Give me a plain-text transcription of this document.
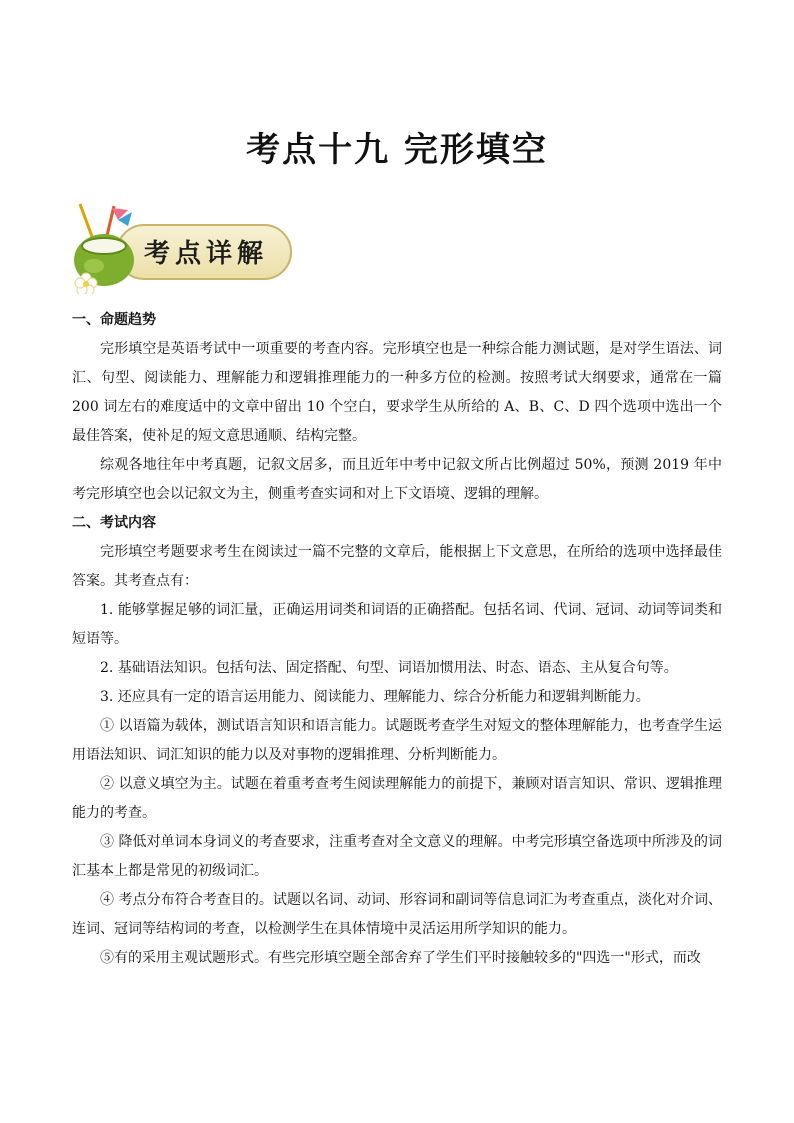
考点十九 完形填空
考点详解

一、命题趋势

完形填空是英语考试中一项重要的考查内容。完形填空也是一种综合能力测试题，是对学生语法、词汇、句型、阅读能力、理解能力和逻辑推理能力的一种多方位的检测。按照考试大纲要求，通常在一篇 200 词左右的难度适中的文章中留出 10 个空白，要求学生从所给的 A、B、C、D 四个选项中选出一个最佳答案，使补足的短文意思通顺、结构完整。

综观各地往年中考真题，记叙文居多，而且近年中考中记叙文所占比例超过 50%，预测 2019 年中考完形填空也会以记叙文为主，侧重考查实词和对上下文语境、逻辑的理解。

二、考试内容

完形填空考题要求考生在阅读过一篇不完整的文章后，能根据上下文意思，在所给的选项中选择最佳答案。其考查点有：

1. 能够掌握足够的词汇量，正确运用词类和词语的正确搭配。包括名词、代词、冠词、动词等词类和短语等。

2. 基础语法知识。包括句法、固定搭配、句型、词语加惯用法、时态、语态、主从复合句等。

3. 还应具有一定的语言运用能力、阅读能力、理解能力、综合分析能力和逻辑判断能力。

① 以语篇为载体，测试语言知识和语言能力。试题既考查学生对短文的整体理解能力，也考查学生运用语法知识、词汇知识的能力以及对事物的逻辑推理、分析判断能力。

② 以意义填空为主。试题在着重考查考生阅读理解能力的前提下，兼顾对语言知识、常识、逻辑推理能力的考查。

③ 降低对单词本身词义的考查要求，注重考查对全文意义的理解。中考完形填空备选项中所涉及的词汇基本上都是常见的初级词汇。

④ 考点分布符合考查目的。试题以名词、动词、形容词和副词等信息词汇为考查重点，淡化对介词、连词、冠词等结构词的考查，以检测学生在具体情境中灵活运用所学知识的能力。

⑤有的采用主观试题形式。有些完形填空题全部舍弃了学生们平时接触较多的"四选一"形式，而改
